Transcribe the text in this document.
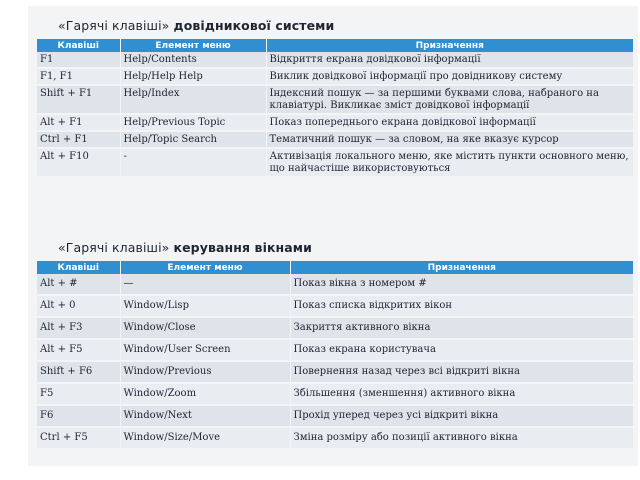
«Гарячі клавіші» довідникової системи
Клавіші	Елемент меню	Призначення
F1	Help/Contents	Відкриття екрана довідкової інформації
F1, F1	Help/Help Help	Виклик довідкової інформації про довідникову систему
Shift + F1	Help/Index	Індексний пошук — за першими буквами слова, набраного на клавіатурі. Викликає зміст довідкової інформації
Alt + F1	Help/Previous Topic	Показ попереднього екрана довідкової інформації
Ctrl + F1	Help/Topic Search	Тематичний пошук — за словом, на яке вказує курсор
Alt + F10	-	Активізація локального меню, яке містить пункти основного меню, що найчастіше використовуються
«Гарячі клавіші» керування вікнами
Клавіші	Елемент меню	Призначення
Alt + #	—	Показ вікна з номером #
Alt + 0	Window/Lisp	Показ списка відкритих вікон
Alt + F3	Window/Close	Закриття активного вікна
Alt + F5	Window/User Screen	Показ екрана користувача
Shift + F6	Window/Previous	Повернення назад через всі відкриті вікна
F5	Window/Zoom	Збільшення (зменшення) активного вікна
F6	Window/Next	Прохід уперед через усі відкриті вікна
Ctrl + F5	Window/Size/Move	Зміна розміру або позиції активного вікна
